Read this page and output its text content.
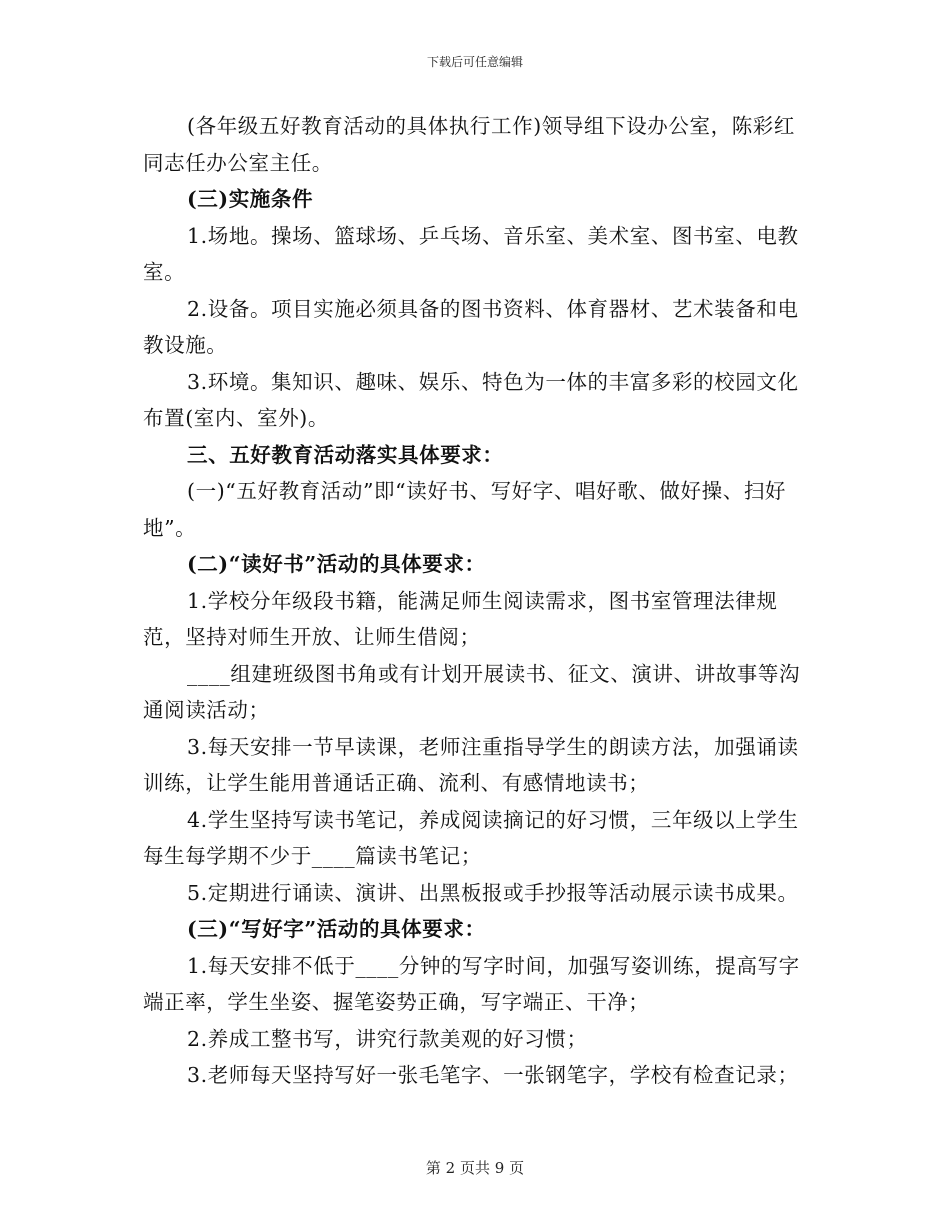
下载后可任意编辑

(各年级五好教育活动的具体执行工作)领导组下设办公室，陈彩红同志任办公室主任。

(三)实施条件

1.场地。操场、篮球场、乒乓场、音乐室、美术室、图书室、电教室。

2.设备。项目实施必须具备的图书资料、体育器材、艺术装备和电教设施。

3.环境。集知识、趣味、娱乐、特色为一体的丰富多彩的校园文化布置(室内、室外)。

三、五好教育活动落实具体要求：

(一)“五好教育活动”即“读好书、写好字、唱好歌、做好操、扫好地”。

(二)“读好书”活动的具体要求：

1.学校分年级段书籍，能满足师生阅读需求，图书室管理法律规范，坚持对师生开放、让师生借阅；

____组建班级图书角或有计划开展读书、征文、演讲、讲故事等沟通阅读活动；

3.每天安排一节早读课，老师注重指导学生的朗读方法，加强诵读训练，让学生能用普通话正确、流利、有感情地读书；

4.学生坚持写读书笔记，养成阅读摘记的好习惯，三年级以上学生每生每学期不少于____篇读书笔记；

5.定期进行诵读、演讲、出黑板报或手抄报等活动展示读书成果。

(三)“写好字”活动的具体要求：

1.每天安排不低于____分钟的写字时间，加强写姿训练，提高写字端正率，学生坐姿、握笔姿势正确，写字端正、干净；

2.养成工整书写，讲究行款美观的好习惯；

3.老师每天坚持写好一张毛笔字、一张钢笔字，学校有检查记录；

第 2 页共 9 页
